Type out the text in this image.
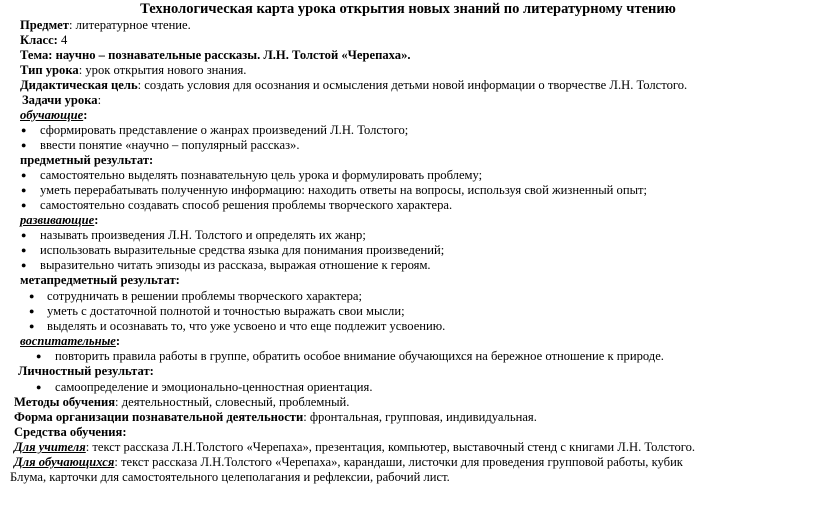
Технологическая карта урока открытия новых знаний по литературному чтению
Предмет: литературное чтение.
Класс: 4
Тема: научно – познавательные рассказы. Л.Н. Толстой «Черепаха».
Тип урока: урок открытия нового знания.
Дидактическая цель: создать условия для осознания и осмысления детьми новой информации о творчестве Л.Н. Толстого.
Задачи урока:
обучающие:
● сформировать представление о жанрах произведений Л.Н. Толстого;
● ввести понятие «научно – популярный рассказ».
предметный результат:
● самостоятельно выделять познавательную цель урока и формулировать проблему;
● уметь перерабатывать полученную информацию: находить ответы на вопросы, используя свой жизненный опыт;
● самостоятельно создавать способ решения проблемы творческого характера.
развивающие:
● называть произведения Л.Н. Толстого и определять их жанр;
● использовать выразительные средства языка для понимания произведений;
● выразительно читать эпизоды из рассказа, выражая отношение к героям.
метапредметный результат:
● сотрудничать в решении проблемы творческого характера;
● уметь с достаточной полнотой и точностью выражать свои мысли;
● выделять и осознавать то, что уже усвоено и что еще подлежит усвоению.
воспитательные:
● повторить правила работы в группе, обратить особое внимание обучающихся на бережное отношение к природе.
Личностный результат:
● самоопределение и эмоционально-ценностная ориентация.
Методы обучения: деятельностный, словесный, проблемный.
Форма организации познавательной деятельности: фронтальная, групповая, индивидуальная.
Средства обучения:
Для учителя: текст рассказа Л.Н.Толстого «Черепаха», презентация, компьютер, выставочный стенд с книгами Л.Н. Толстого.
Для обучающихся: текст рассказа Л.Н.Толстого «Черепаха», карандаши, листочки для проведения групповой работы, кубик
Блума, карточки для самостоятельного целеполагания и рефлексии, рабочий лист.
